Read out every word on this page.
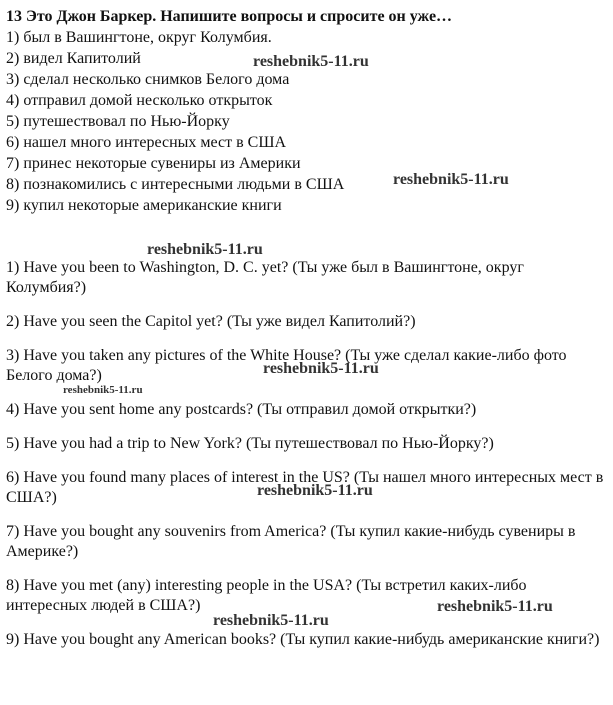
13 Это Джон Баркер. Напишите вопросы и спросите он уже…

1) был в Вашингтоне, округ Колумбия.
2) видел Капитолий
3) сделал несколько снимков Белого дома
4) отправил домой несколько открыток
5) путешествовал по Нью-Йорку
6) нашел много интересных мест в США
7) принес некоторые сувениры из Америки
8) познакомились с интересными людьми в США
9) купил некоторые американские книги

1) Have you been to Washington, D. C. yet? (Ты уже был в Вашингтоне, округ Колумбия?)

2) Have you seen the Capitol yet? (Ты уже видел Капитолий?)

3) Have you taken any pictures of the White House? (Ты уже сделал какие-либо фото Белого дома?)

4) Have you sent home any postcards? (Ты отправил домой открытки?)

5) Have you had a trip to New York? (Ты путешествовал по Нью-Йорку?)

6) Have you found many places of interest in the US? (Ты нашел много интересных мест в США?)

7) Have you bought any souvenirs from America? (Ты купил какие-нибудь сувениры в Америке?)

8) Have you met (any) interesting people in the USA? (Ты встретил каких-либо интересных людей в США?)

9) Have you bought any American books? (Ты купил какие-нибудь американские книги?)

reshebnik5-11.ru
reshebnik5-11.ru
reshebnik5-11.ru
reshebnik5-11.ru
reshebnik5-11.ru
reshebnik5-11.ru
reshebnik5-11.ru
reshebnik5-11.ru
